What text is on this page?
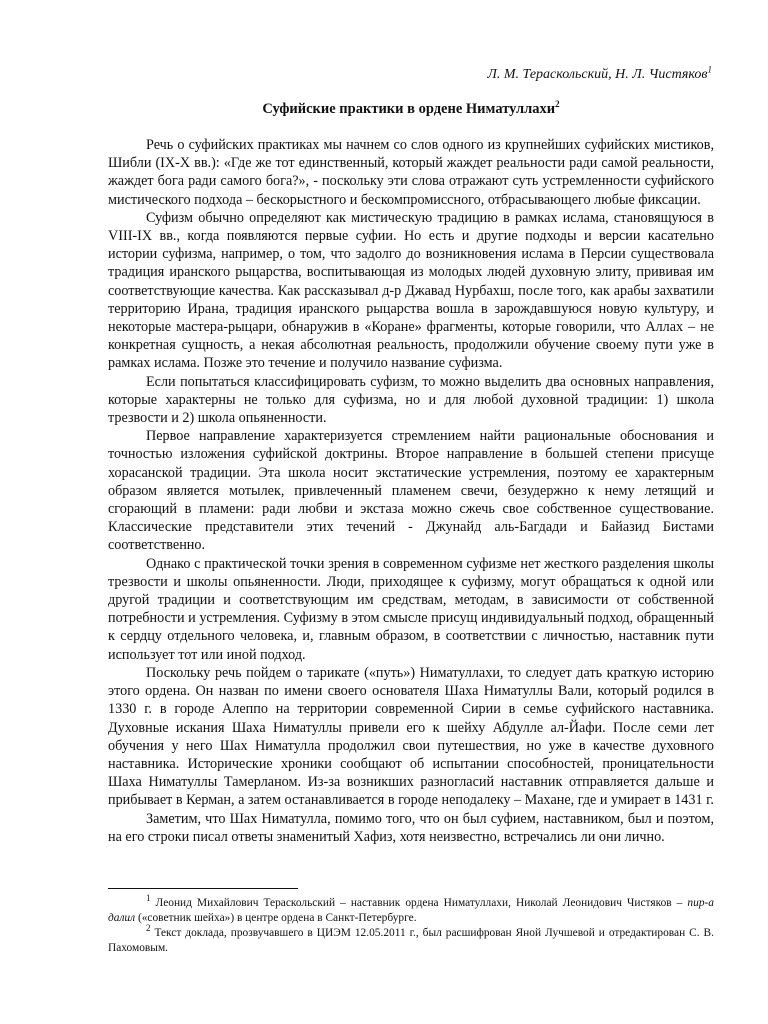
Л. М. Тераскольский, Н. Л. Чистяков$^1$
Суфийские практики в ордене Ниматуллахи$^2$

Речь о суфийских практиках мы начнем со слов одного из крупнейших суфийских мистиков, Шибли (IX-X вв.): «Где же тот единственный, который жаждет реальности ради самой реальности, жаждет бога ради самого бога?», - поскольку эти слова отражают суть устремленности суфийского мистического подхода – бескорыстного и бескомпромиссного, отбрасывающего любые фиксации.

Суфизм обычно определяют как мистическую традицию в рамках ислама, становящуюся в VIII-IX вв., когда появляются первые суфии. Но есть и другие подходы и версии касательно истории суфизма, например, о том, что задолго до возникновения ислама в Персии существовала традиция иранского рыцарства, воспитывающая из молодых людей духовную элиту, прививая им соответствующие качества. Как рассказывал д-р Джавад Нурбахш, после того, как арабы захватили территорию Ирана, традиция иранского рыцарства вошла в зарождавшуюся новую культуру, и некоторые мастера-рыцари, обнаружив в «Коране» фрагменты, которые говорили, что Аллах – не конкретная сущность, а некая абсолютная реальность, продолжили обучение своему пути уже в рамках ислама. Позже это течение и получило название суфизма.

Если попытаться классифицировать суфизм, то можно выделить два основных направления, которые характерны не только для суфизма, но и для любой духовной традиции: 1) школа трезвости и 2) школа опьяненности.

Первое направление характеризуется стремлением найти рациональные обоснования и точностью изложения суфийской доктрины. Второе направление в большей степени присуще хорасанской традиции. Эта школа носит экстатические устремления, поэтому ее характерным образом является мотылек, привлеченный пламенем свечи, безудержно к нему летящий и сгорающий в пламени: ради любви и экстаза можно сжечь свое собственное существование. Классические представители этих течений - Джунайд аль-Багдади и Байазид Бистами соответственно.

Однако с практической точки зрения в современном суфизме нет жесткого разделения школы трезвости и школы опьяненности. Люди, приходящее к суфизму, могут обращаться к одной или другой традиции и соответствующим им средствам, методам, в зависимости от собственной потребности и устремления. Суфизму в этом смысле присущ индивидуальный подход, обращенный к сердцу отдельного человека, и, главным образом, в соответствии с личностью, наставник пути использует тот или иной подход.

Поскольку речь пойдем о тарикате («путь») Ниматуллахи, то следует дать краткую историю этого ордена. Он назван по имени своего основателя Шаха Ниматуллы Вали, который родился в 1330 г. в городе Алеппо на территории современной Сирии в семье суфийского наставника. Духовные искания Шаха Ниматуллы привели его к шейху Абдулле ал-Йафи. После семи лет обучения у него Шах Ниматулла продолжил свои путешествия, но уже в качестве духовного наставника. Исторические хроники сообщают об испытании способностей, проницательности Шаха Ниматуллы Тамерланом. Из-за возникших разногласий наставник отправляется дальше и прибывает в Керман, а затем останавливается в городе неподалеку – Махане, где и умирает в 1431 г.

Заметим, что Шах Ниматулла, помимо того, что он был суфием, наставником, был и поэтом, на его строки писал ответы знаменитый Хафиз, хотя неизвестно, встречались ли они лично.

$^1$ Леонид Михайлович Тераскольский – наставник ордена Ниматуллахи, Николай Леонидович Чистяков – пир-а далил («советник шейха») в центре ордена в Санкт-Петербурге.

$^2$ Текст доклада, прозвучавшего в ЦИЭМ 12.05.2011 г., был расшифрован Яной Лучшевой и отредактирован С. В. Пахомовым.
